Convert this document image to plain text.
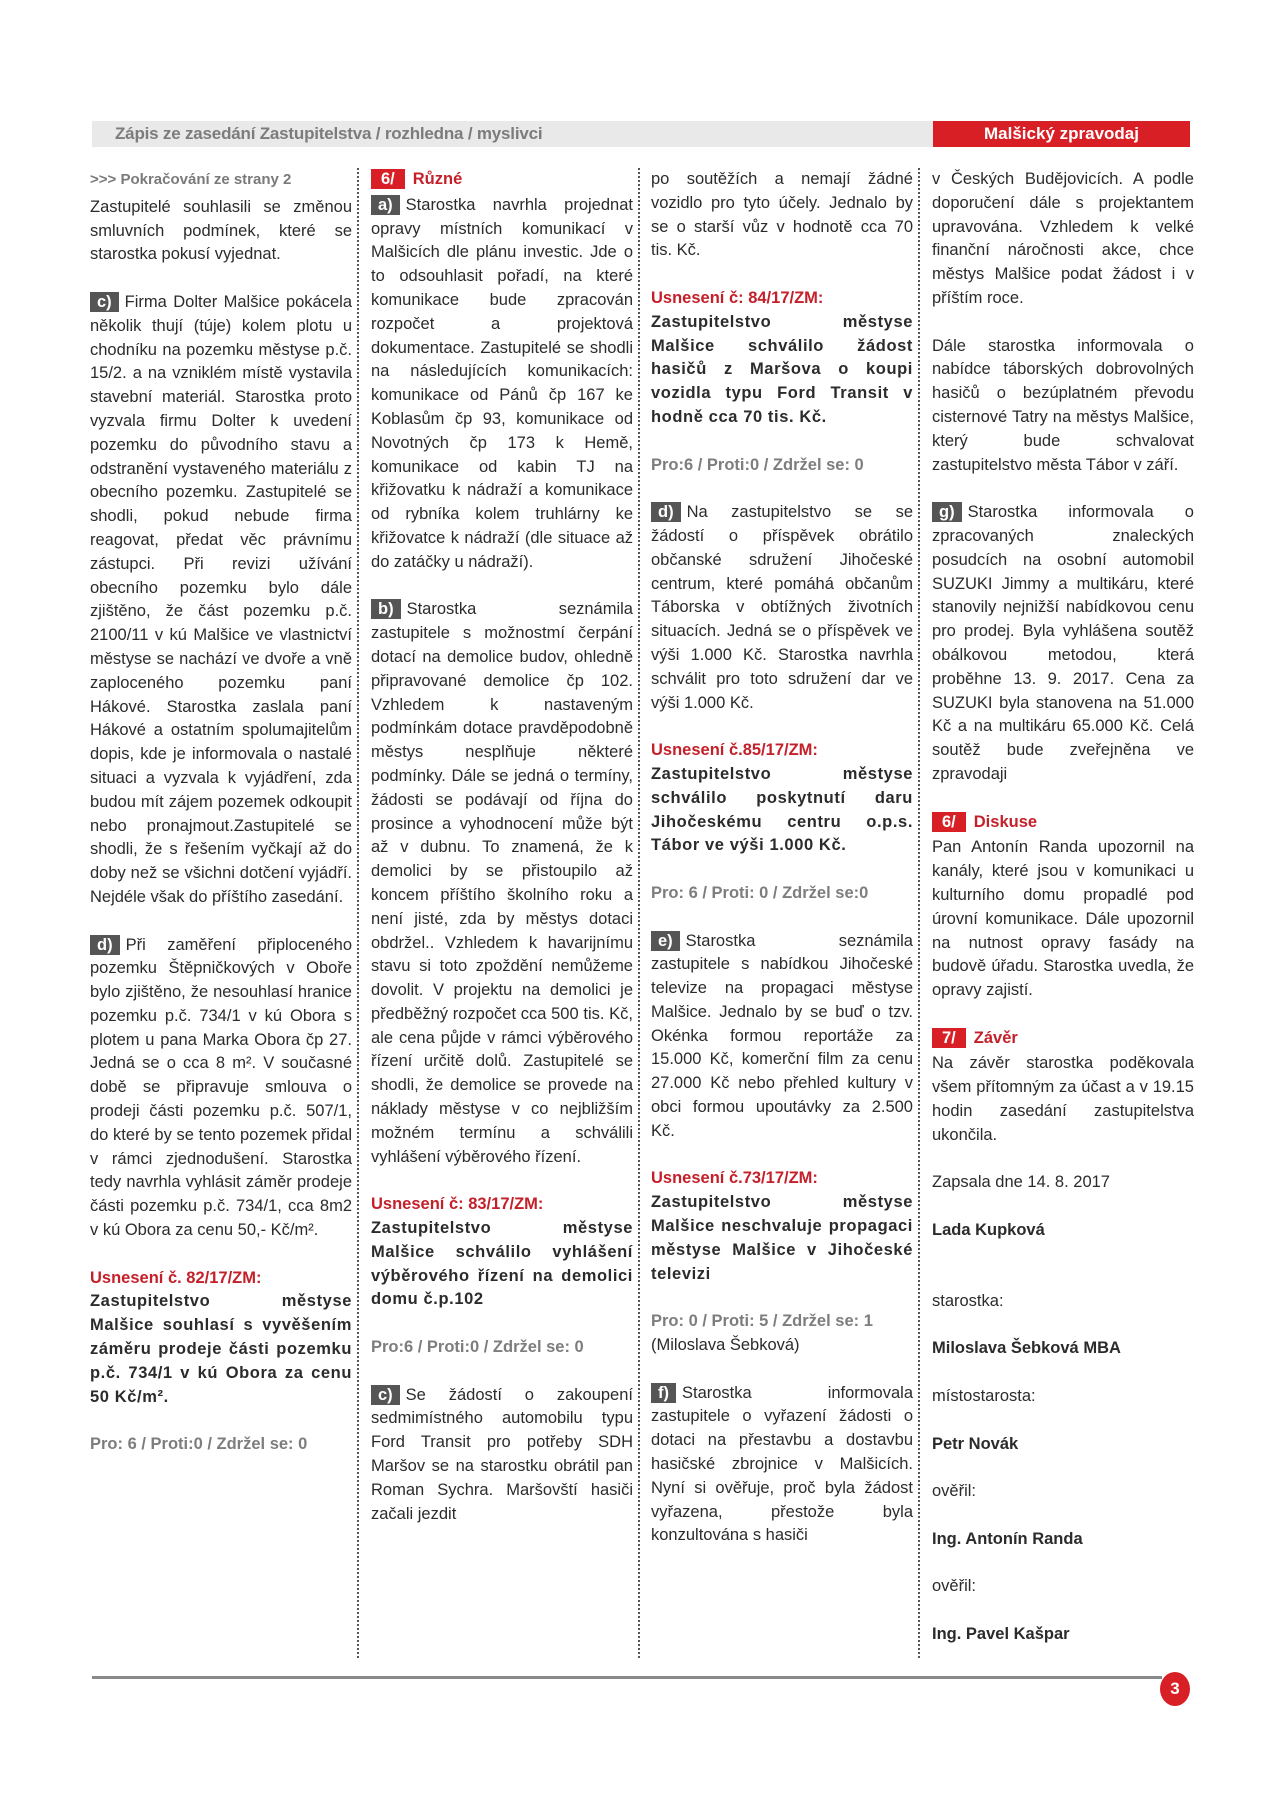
Zápis ze zasedání Zastupitelstva / rozhledna / myslivci	Malšický zpravodaj

>>> Pokračování ze strany 2

Zastupitelé souhlasili se změnou smluvních podmínek, které se starostka pokusí vyjednat.

c) Firma Dolter Malšice pokácela několik thují (túje) kolem plotu u chodníku na pozemku městyse p.č. 15/2. a na vzniklém místě vystavila stavební materiál. Starostka proto vyzvala firmu Dolter k uvedení pozemku do původního stavu a odstranění vystaveného materiálu z obecního pozemku. Zastupitelé se shodli, pokud nebude firma reagovat, předat věc právnímu zástupci. Při revizi užívání obecního pozemku bylo dále zjištěno, že část pozemku p.č. 2100/11 v kú Malšice ve vlastnictví městyse se nachází ve dvoře a vně zaploceného pozemku paní Hákové. Starostka zaslala paní Hákové a ostatním spolumajitelům dopis, kde je informovala o nastalé situaci a vyzvala k vyjádření, zda budou mít zájem pozemek odkoupit nebo pronajmout.Zastupitelé se shodli, že s řešením vyčkají až do doby než se všichni dotčení vyjádří. Nejdéle však do příštího zasedání.

d) Při zaměření připloceného pozemku Štěpničkových v Oboře bylo zjištěno, že nesouhlasí hranice pozemku p.č. 734/1 v kú Obora s plotem u pana Marka Obora čp 27. Jedná se o cca 8 m². V současné době se připravuje smlouva o prodeji části pozemku p.č. 507/1, do které by se tento pozemek přidal v rámci zjednodušení. Starostka tedy navrhla vyhlásit záměr prodeje části pozemku p.č. 734/1, cca 8m2 v kú Obora za cenu 50,- Kč/m².

Usnesení č. 82/17/ZM:

Zastupitelstvo městyse Malšice souhlasí s vyvěšením záměru prodeje části pozemku p.č. 734/1 v kú Obora za cenu 50 Kč/m².

Pro: 6 / Proti:0 / Zdržel se: 0

6/ Různé

a) Starostka navrhla projednat opravy místních komunikací v Malšicích dle plánu investic. Jde o to odsouhlasit pořadí, na které komunikace bude zpracován rozpočet a projektová dokumentace. Zastupitelé se shodli na následujících komunikacích: komunikace od Pánů čp 167 ke Koblasům čp 93, komunikace od Novotných čp 173 k Hemě, komunikace od kabin TJ na křižovatku k nádraží a komunikace od rybníka kolem truhlárny ke křižovatce k nádraží (dle situace až do zatáčky u nádraží).

b) Starostka seznámila zastupitele s možnostmí čerpání dotací na demolice budov, ohledně připravované demolice čp 102. Vzhledem k nastaveným podmínkám dotace pravděpodobně městys nesplňuje některé podmínky. Dále se jedná o termíny, žádosti se podávají od října do prosince a vyhodnocení může být až v dubnu. To znamená, že k demolici by se přistoupilo až koncem příštího školního roku a není jisté, zda by městys dotaci obdržel.. Vzhledem k havarijnímu stavu si toto zpoždění nemůžeme dovolit. V projektu na demolici je předběžný rozpočet cca 500 tis. Kč, ale cena půjde v rámci výběrového řízení určitě dolů. Zastupitelé se shodli, že demolice se provede na náklady městyse v co nejbližším možném termínu a schválili vyhlášení výběrového řízení.

Usnesení č: 83/17/ZM:

Zastupitelstvo městyse Malšice schválilo vyhlášení výběrového řízení na demolici domu č.p.102

Pro:6 / Proti:0 / Zdržel se: 0

c) Se žádostí o zakoupení sedmimístného automobilu typu Ford Transit pro potřeby SDH Maršov se na starostku obrátil pan Roman Sychra. Maršovští hasiči začali jezdit

po soutěžích a nemají žádné vozidlo pro tyto účely. Jednalo by se o starší vůz v hodnotě cca 70 tis. Kč.

Usnesení č: 84/17/ZM:

Zastupitelstvo městyse Malšice schválilo žádost hasičů z Maršova o koupi vozidla typu Ford Transit v hodně cca 70 tis. Kč.

Pro:6 / Proti:0 / Zdržel se: 0

d) Na zastupitelstvo se se žádostí o příspěvek obrátilo občanské sdružení Jihočeské centrum, které pomáhá občanům Táborska v obtížných životních situacích. Jedná se o příspěvek ve výši 1.000 Kč. Starostka navrhla schválit pro toto sdružení dar ve výši 1.000 Kč.

Usnesení č.85/17/ZM:

Zastupitelstvo městyse schválilo poskytnutí daru Jihočeskému centru o.p.s. Tábor ve výši 1.000 Kč.

Pro: 6 / Proti: 0 / Zdržel se:0

e) Starostka seznámila zastupitele s nabídkou Jihočeské televize na propagaci městyse Malšice. Jednalo by se buď o tzv. Okénka formou reportáže za 15.000 Kč, komerční film za cenu 27.000 Kč nebo přehled kultury v obci formou upoutávky za 2.500 Kč.

Usnesení č.73/17/ZM:

Zastupitelstvo městyse Malšice neschvaluje propagaci městyse Malšice v Jihočeské televizi

Pro: 0 / Proti: 5 / Zdržel se: 1

(Miloslava Šebková)

f) Starostka informovala zastupitele o vyřazení žádosti o dotaci na přestavbu a dostavbu hasičské zbrojnice v Malšicích. Nyní si ověřuje, proč byla žádost vyřazena, přestože byla konzultována s hasiči

v Českých Budějovicích. A podle doporučení dále s projektantem upravována. Vzhledem k velké finanční náročnosti akce, chce městys Malšice podat žádost i v příštím roce.

Dále starostka informovala o nabídce táborských dobrovolných hasičů o bezúplatném převodu cisternové Tatry na městys Malšice, který bude schvalovat zastupitelstvo města Tábor v září.

g) Starostka informovala o zpracovaných znaleckých posudcích na osobní automobil SUZUKI Jimmy a multikáru, které stanovily nejnižší nabídkovou cenu pro prodej. Byla vyhlášena soutěž obálkovou metodou, která proběhne 13. 9. 2017. Cena za SUZUKI byla stanovena na 51.000 Kč a na multikáru 65.000 Kč. Celá soutěž bude zveřejněna ve zpravodaji

6/ Diskuse

Pan Antonín Randa upozornil na kanály, které jsou v komunikaci u kulturního domu propadlé pod úrovní komunikace. Dále upozornil na nutnost opravy fasády na budově úřadu. Starostka uvedla, že opravy zajistí.

7/ Závěr

Na závěr starostka poděkovala všem přítomným za účast a v 19.15 hodin zasedání zastupitelstva ukončila.

Zapsala dne 14. 8. 2017

Lada Kupková

starostka:

Miloslava Šebková MBA

místostarosta:

Petr Novák

ověřil:

Ing. Antonín Randa

ověřil:

Ing. Pavel Kašpar

3
